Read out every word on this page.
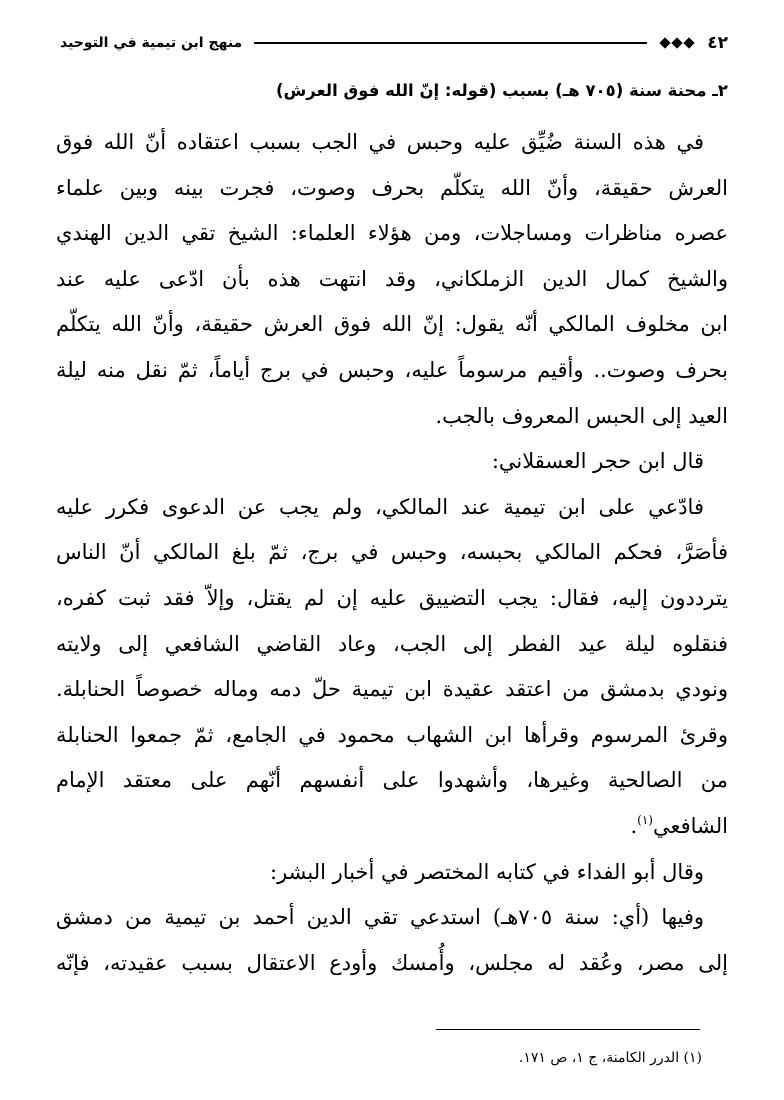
٤٢
منهج ابن تيمية في التوحيد
٢ـ محنة سنة (٧٠٥ هـ) بسبب (قوله: إنّ الله فوق العرش)
في هذه السنة ضُيِّق عليه وحبس في الجب بسبب اعتقاده أنّ الله فوق
العرش حقيقة، وأنّ الله يتكلّم بحرف وصوت، فجرت بينه وبين علماء
عصره مناظرات ومساجلات، ومن هؤلاء العلماء: الشيخ تقي الدين الهندي
والشيخ كمال الدين الزملكاني، وقد انتهت هذه بأن ادّعى عليه عند
ابن مخلوف المالكي أنّه يقول: إنّ الله فوق العرش حقيقة، وأنّ الله يتكلّم
بحرف وصوت.. وأقيم مرسوماً عليه، وحبس في برج أياماً، ثمّ نقل منه ليلة
العيد إلى الحبس المعروف بالجب.
قال ابن حجر العسقلاني:
فادّعي على ابن تيمية عند المالكي، ولم يجب عن الدعوى فكرر عليه
فأصَرَّ، فحكم المالكي بحبسه، وحبس في برج، ثمّ بلغ المالكي أنّ الناس
يترددون إليه، فقال: يجب التضييق عليه إن لم يقتل، وإلاّ فقد ثبت كفره،
فنقلوه ليلة عيد الفطر إلى الجب، وعاد القاضي الشافعي إلى ولايته
ونودي بدمشق من اعتقد عقيدة ابن تيمية حلّ دمه وماله خصوصاً الحنابلة.
وقرئ المرسوم وقرأها ابن الشهاب محمود في الجامع، ثمّ جمعوا الحنابلة
من الصالحية وغيرها، وأشهدوا على أنفسهم أنّهم على معتقد الإمام
الشافعي$^{(١)}$.
وقال أبو الفداء في كتابه المختصر في أخبار البشر:
وفيها (أي: سنة ٧٠٥هـ) استدعي تقي الدين أحمد بن تيمية من دمشق
إلى مصر، وعُقد له مجلس، وأُمسك وأودع الاعتقال بسبب عقيدته، فإنّه
(١) الدرر الكامنة، ج ١، ص ١٧١.
